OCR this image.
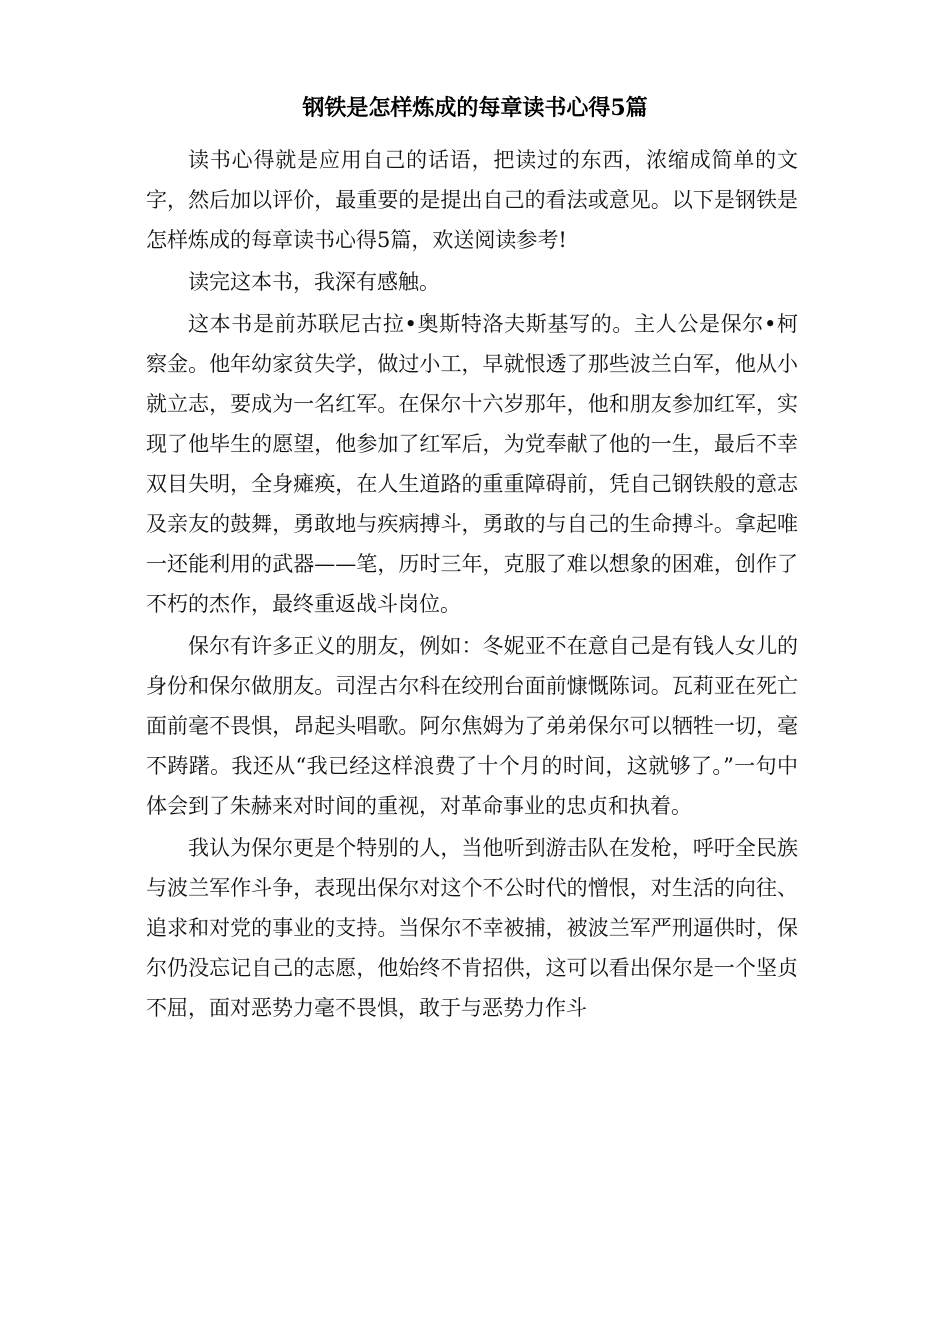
钢铁是怎样炼成的每章读书心得5篇

读书心得就是应用自己的话语，把读过的东西，浓缩成简单的文字，然后加以评价，最重要的是提出自己的看法或意见。以下是钢铁是怎样炼成的每章读书心得5篇，欢送阅读参考!

读完这本书，我深有感触。

这本书是前苏联尼古拉•奥斯特洛夫斯基写的。主人公是保尔•柯察金。他年幼家贫失学，做过小工，早就恨透了那些波兰白军，他从小就立志，要成为一名红军。在保尔十六岁那年，他和朋友参加红军，实现了他毕生的愿望，他参加了红军后，为党奉献了他的一生，最后不幸双目失明，全身瘫痪，在人生道路的重重障碍前，凭自己钢铁般的意志及亲友的鼓舞，勇敢地与疾病搏斗，勇敢的与自己的生命搏斗。拿起唯一还能利用的武器——笔，历时三年，克服了难以想象的困难，创作了不朽的杰作，最终重返战斗岗位。

保尔有许多正义的朋友，例如：冬妮亚不在意自己是有钱人女儿的身份和保尔做朋友。司涅古尔科在绞刑台面前慷慨陈词。瓦莉亚在死亡面前毫不畏惧，昂起头唱歌。阿尔焦姆为了弟弟保尔可以牺牲一切，毫不踌躇。我还从“我已经这样浪费了十个月的时间，这就够了。”一句中体会到了朱赫来对时间的重视，对革命事业的忠贞和执着。

我认为保尔更是个特别的人，当他听到游击队在发枪，呼吁全民族与波兰军作斗争，表现出保尔对这个不公时代的憎恨，对生活的向往、追求和对党的事业的支持。当保尔不幸被捕，被波兰军严刑逼供时，保尔仍没忘记自己的志愿，他始终不肯招供，这可以看出保尔是一个坚贞不屈，面对恶势力毫不畏惧，敢于与恶势力作斗
